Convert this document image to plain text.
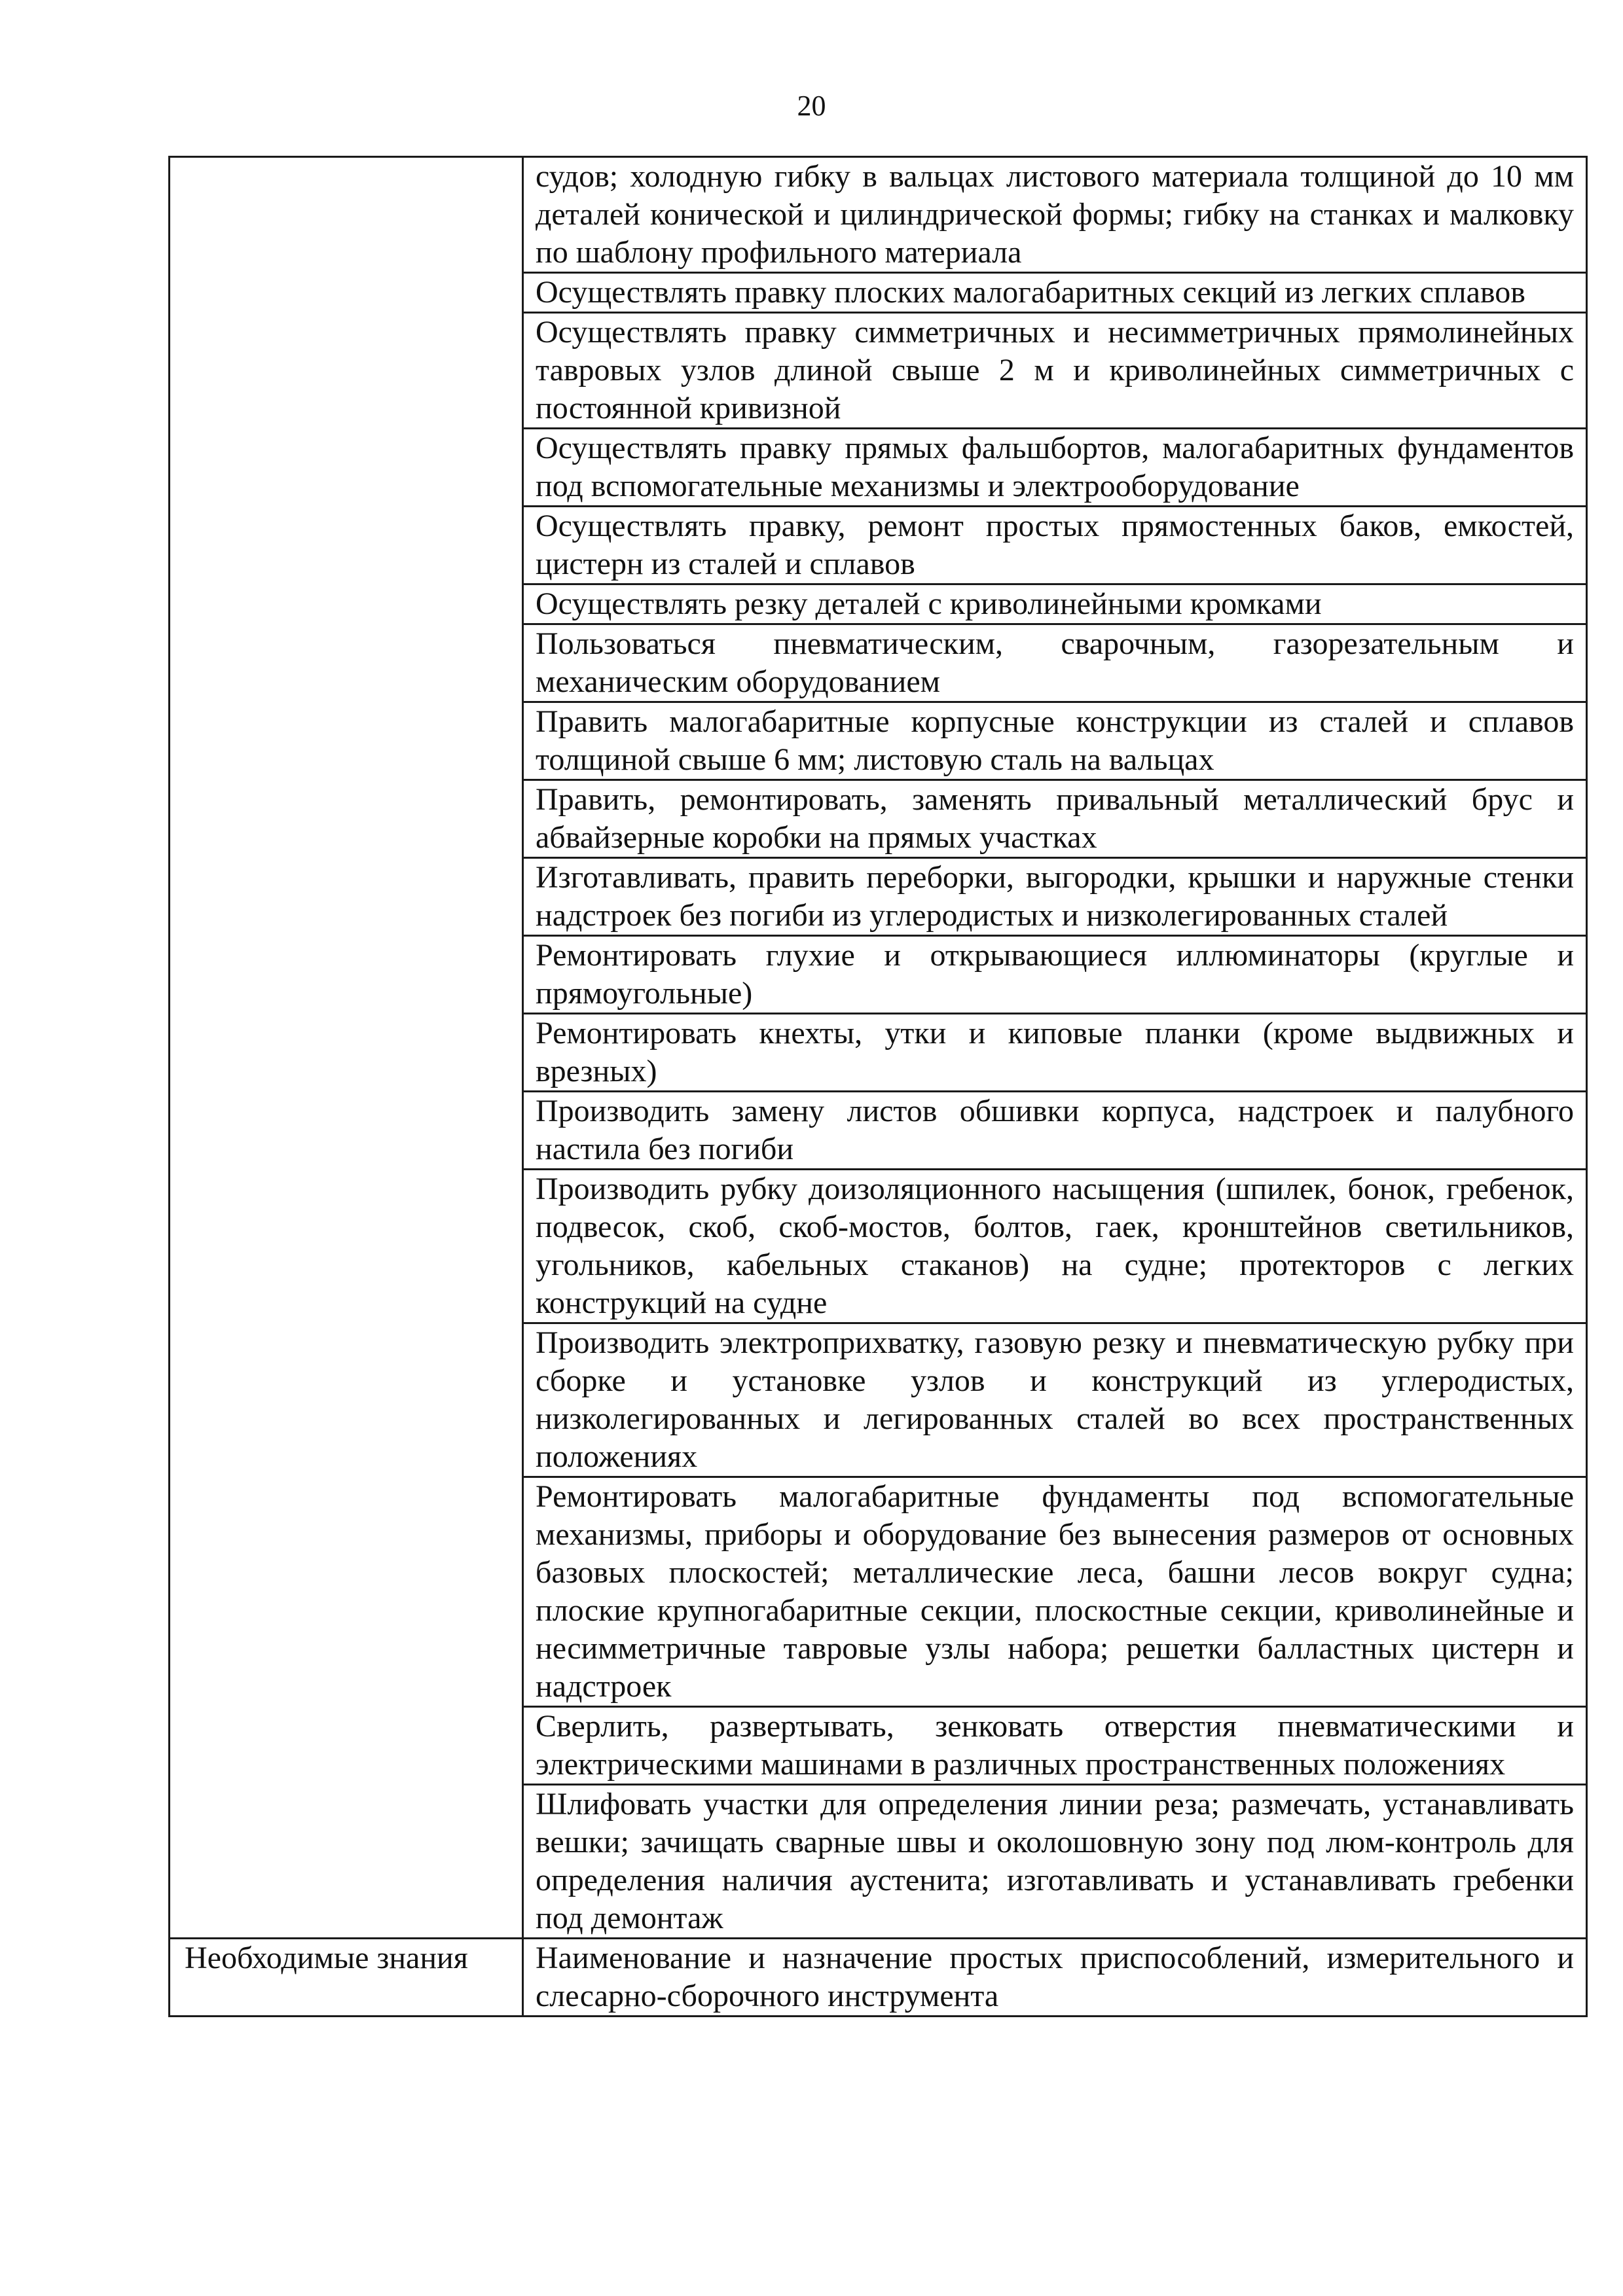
20
	судов; холодную гибку в вальцах листового материала толщиной до 10 мм деталей конической и цилиндрической формы; гибку на станках и малковку по шаблону профильного материала
	Осуществлять правку плоских малогабаритных секций из легких сплавов
	Осуществлять правку симметричных и несимметричных прямолинейных тавровых узлов длиной свыше 2 м и криволинейных симметричных с постоянной кривизной
	Осуществлять правку прямых фальшбортов, малогабаритных фундаментов под вспомогательные механизмы и электрооборудование
	Осуществлять правку, ремонт простых прямостенных баков, емкостей, цистерн из сталей и сплавов
	Осуществлять резку деталей с криволинейными кромками
	Пользоваться пневматическим, сварочным, газорезательным и механическим оборудованием
	Править малогабаритные корпусные конструкции из сталей и сплавов толщиной свыше 6 мм; листовую сталь на вальцах
	Править, ремонтировать, заменять привальный металлический брус и абвайзерные коробки на прямых участках
	Изготавливать, править переборки, выгородки, крышки и наружные стенки надстроек без погиби из углеродистых и низколегированных сталей
	Ремонтировать глухие и открывающиеся иллюминаторы (круглые и прямоугольные)
	Ремонтировать кнехты, утки и киповые планки (кроме выдвижных и врезных)
	Производить замену листов обшивки корпуса, надстроек и палубного настила без погиби
	Производить рубку доизоляционного насыщения (шпилек, бонок, гребенок, подвесок, скоб, скоб-мостов, болтов, гаек, кронштейнов светильников, угольников, кабельных стаканов) на судне; протекторов с легких конструкций на судне
	Производить электроприхватку, газовую резку и пневматическую рубку при сборке и установке узлов и конструкций из углеродистых, низколегированных и легированных сталей во всех пространственных положениях
	Ремонтировать малогабаритные фундаменты под вспомогательные механизмы, приборы и оборудование без вынесения размеров от основных базовых плоскостей; металлические леса, башни лесов вокруг судна; плоские крупногабаритные секции, плоскостные секции, криволинейные и несимметричные тавровые узлы набора; решетки балластных цистерн и надстроек
	Сверлить, развертывать, зенковать отверстия пневматическими и электрическими машинами в различных пространственных положениях
	Шлифовать участки для определения линии реза; размечать, устанавливать вешки; зачищать сварные швы и околошовную зону под люм-контроль для определения наличия аустенита; изготавливать и устанавливать гребенки под демонтаж
Необходимые знания	Наименование и назначение простых приспособлений, измерительного и слесарно-сборочного инструмента
